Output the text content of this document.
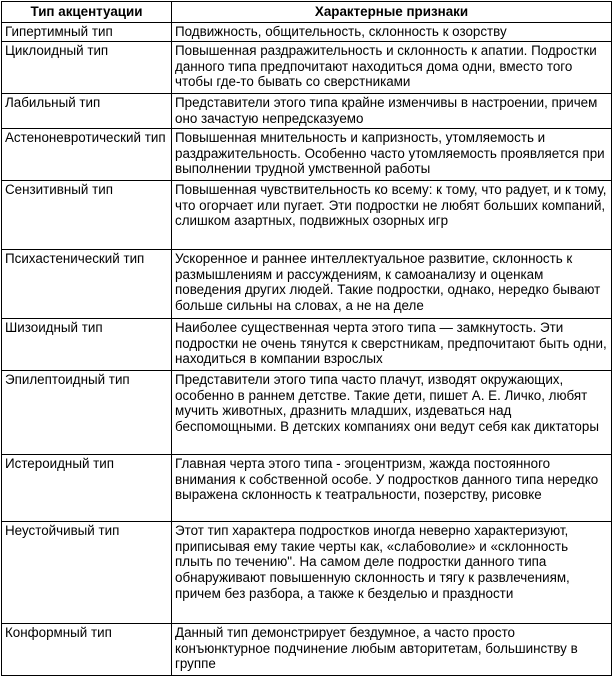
Тип акцентуации	Характерные признаки
Гипертимный тип	Подвижность, общительность, склонность к озорству
Циклоидный тип	Повышенная раздражительность и склонность к апатии. Подростки данного типа предпочитают находиться дома одни, вместо того чтобы где-то бывать со сверстниками
Лабильный тип	Представители этого типа крайне изменчивы в настроении, причем оно зачастую непредсказуемо
Астеноневротический тип	Повышенная мнительность и капризность, утомляемость и раздражительность. Особенно часто утомляемость проявляется при выполнении трудной умственной работы
Сензитивный тип	Повышенная чувствительность ко всему: к тому, что радует, и к тому, что огорчает или пугает. Эти подростки не любят больших компаний, слишком азартных, подвижных озорных игр
Психастенический тип	Ускоренное и раннее интеллектуальное развитие, склонность к размышлениям и рассуждениям, к самоанализу и оценкам поведения других людей. Такие подростки, однако, нередко бывают больше сильны на словах, а не на деле
Шизоидный тип	Наиболее существенная черта этого типа — замкнутость. Эти подростки не очень тянутся к сверстникам, предпочитают быть одни, находиться в компании взрослых
Эпилептоидный тип	Представители этого типа часто плачут, изводят окружающих, особенно в раннем детстве. Такие дети, пишет А. Е. Личко, любят мучить животных, дразнить младших, издеваться над беспомощными. В детских компаниях они ведут себя как диктаторы
Истероидный тип	Главная черта этого типа - эгоцентризм, жажда постоянного внимания к собственной особе. У подростков данного типа нередко выражена склонность к театральности, позерству, рисовке
Неустойчивый тип	Этот тип характера подростков иногда неверно характеризуют, приписывая ему такие черты как, «слабоволие» и «склонность плыть по течению". На самом деле подростки данного типа обнаруживают повышенную склонность и тягу к развлечениям, причем без разбора, а также к безделью и праздности
Конформный тип	Данный тип демонстрирует бездумное, а часто просто конъюнктурное подчинение любым авторитетам, большинству в группе
